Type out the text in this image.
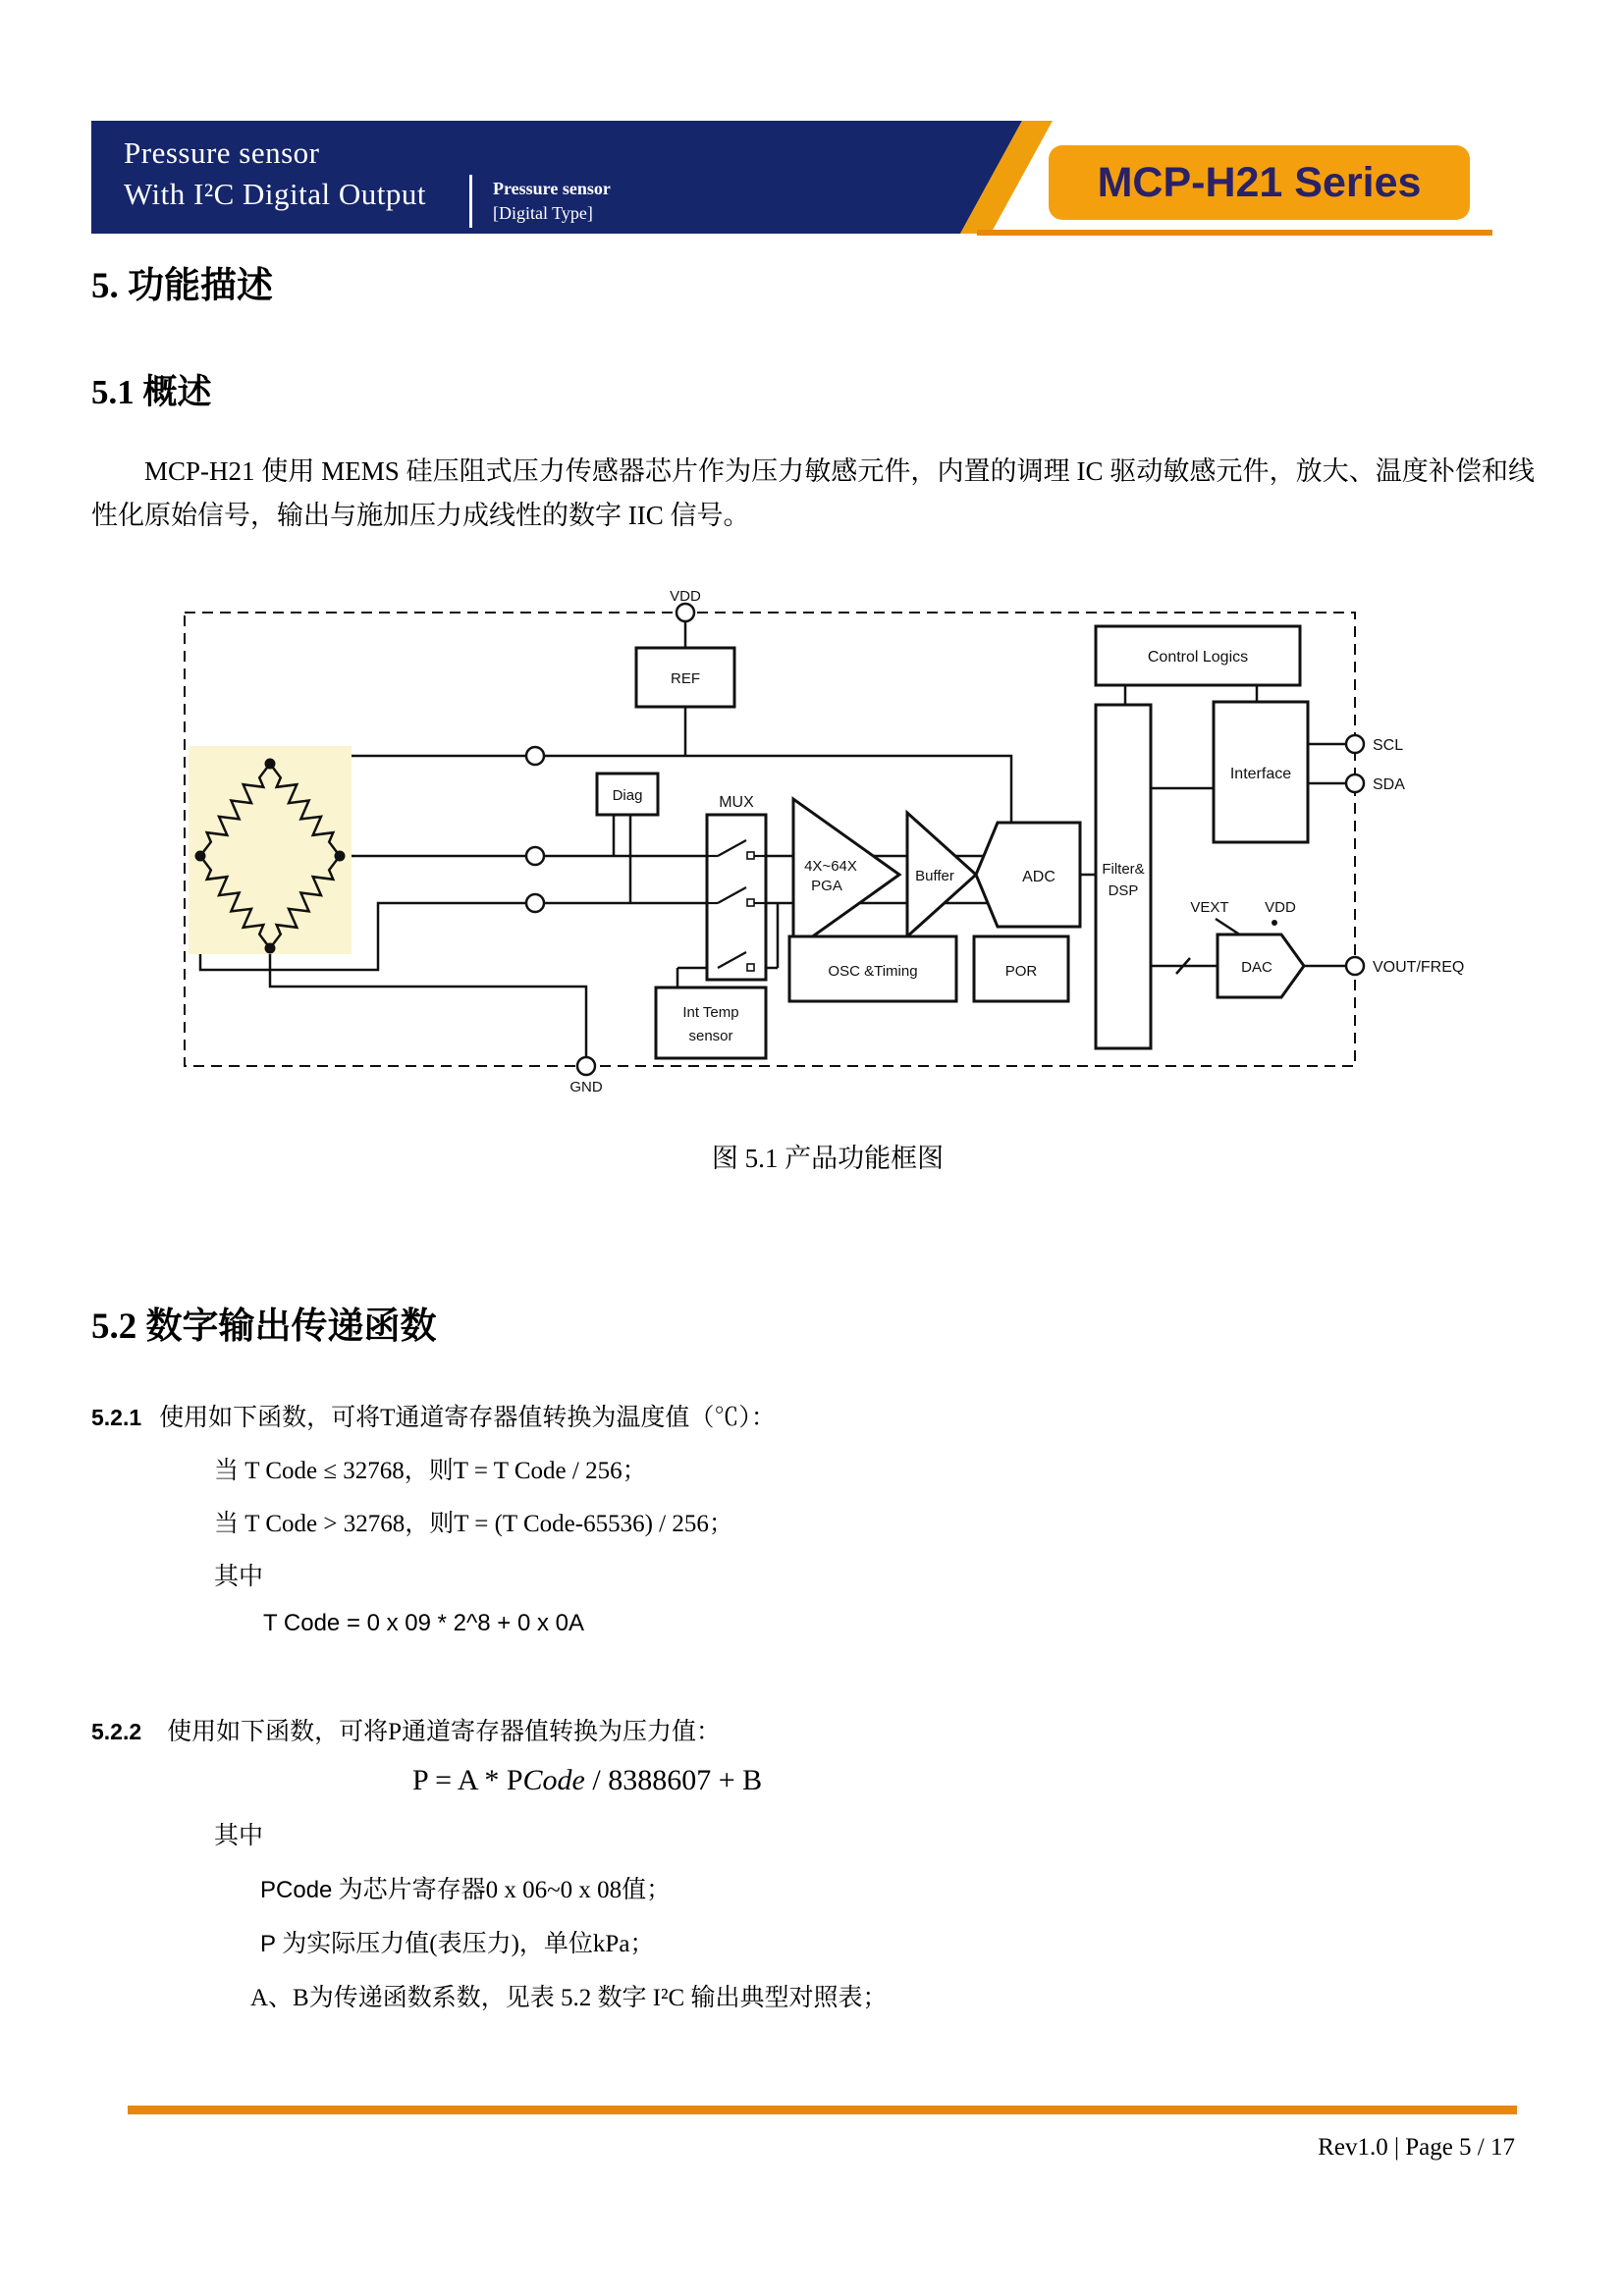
Pressure sensor
With I²C Digital Output	Pressure sensor
[Digital Type]
MCP-H21 Series
5. 功能描述
5.1 概述
MCP-H21 使用 MEMS 硅压阻式压力传感器芯片作为压力敏感元件，内置的调理 IC 驱动敏感元件，放大、温度补偿和线性化原始信号，输出与施加压力成线性的数字 IIC 信号。
VDD
REF
Diag	MUX
4X~64X
PGA
Buffer	ADC
OSC &Timing	POR
Int Temp
sensor
Filter&
DSP
Control Logics
Interface
SCL
SDA
VEXT VDD
DAC	VOUT/FREQ
GND
图 5.1 产品功能框图
5.2 数字输出传递函数
5.2.1 使用如下函数，可将T通道寄存器值转换为温度值（℃）：
当 T Code ≤ 32768，则T = T Code / 256；
当 T Code > 32768，则T = (T Code-65536) / 256；
其中
T Code = 0 x 09 * 2^8 + 0 x 0A
5.2.2 使用如下函数，可将P通道寄存器值转换为压力值：
P = A * PCode / 8388607 + B
其中
PCode 为芯片寄存器0 x 06~0 x 08值；
P 为实际压力值(表压力)，单位kPa；
A、B为传递函数系数，见表 5.2 数字 I²C 输出典型对照表；
Rev1.0 | Page 5 / 17
